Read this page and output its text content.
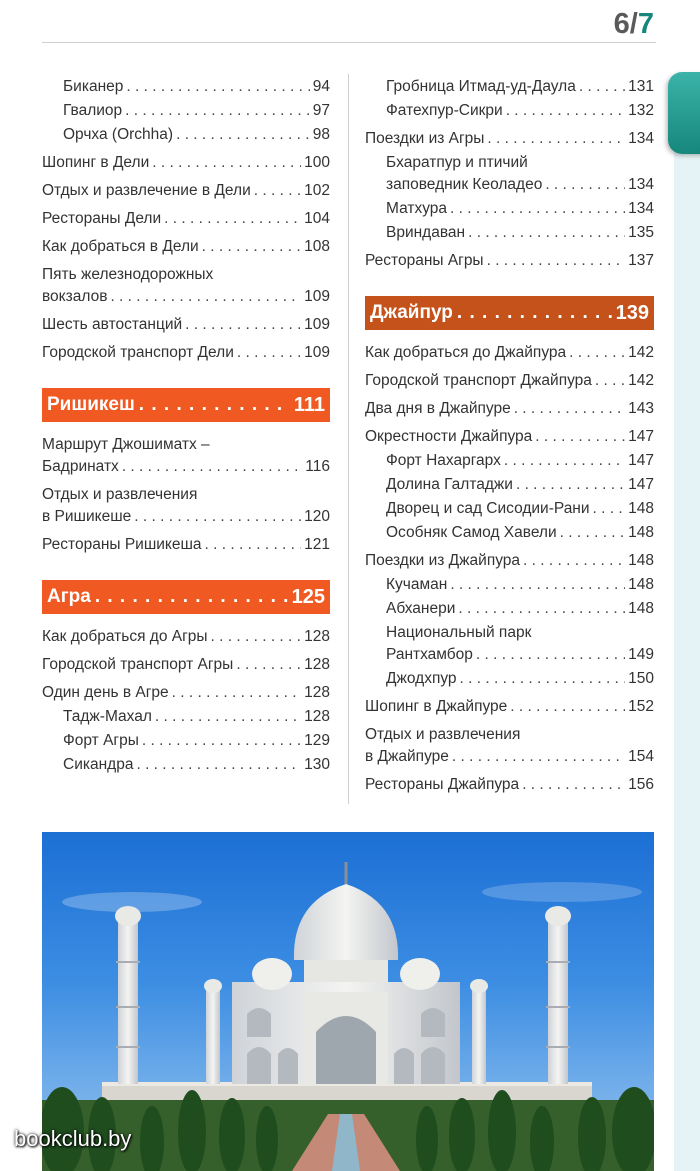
6/7
Биканер . . .	94
Гвалиор . . .	97
Орчха (Orchha) . . .	98
Шопинг в Дели . . .	100
Отдых и развлечение в Дели . . .	102
Рестораны Дели . . .	104
Как добраться в Дели . . .	108
Пять железнодорожных
вокзалов . . .	109
Шесть автостанций . . .	109
Городской транспорт Дели . . .	109
Ришикеш . . .	111
Маршрут Джошиматх –
Бадринатх . . .	116
Отдых и развлечения
в Ришикеше . . .	120
Рестораны Ришикеша . . .	121
Агра . . .	125
Как добраться до Агры . . .	128
Городской транспорт Агры . . .	128
Один день в Агре . . .	128
Тадж-Махал . . .	128
Форт Агры . . .	129
Сикандра . . .	130
Гробница Итмад-уд-Даула . . .	131
Фатехпур-Сикри . . .	132
Поездки из Агры . . .	134
Бхаратпур и птичий
заповедник Кеоладео . . .	134
Матхура . . .	134
Вриндаван . . .	135
Рестораны Агры . . .	137
Джайпур . . .	139
Как добраться до Джайпура . . .	142
Городской транспорт Джайпура . . . 142
Два дня в Джайпуре . . .	143
Окрестности Джайпура . . .	147
Форт Нахаргарх . . .	147
Долина Галтаджи . . .	147
Дворец и сад Сисодии-Рани . . . 148
Особняк Самод Хавели . . .	148
Поездки из Джайпура . . .	148
Кучаман . . .	148
Абханери . . .	148
Национальный парк
Рантхамбор . . .	149
Джодхпур . . .	150
Шопинг в Джайпуре . . .	152
Отдых и развлечения
в Джайпуре . . .	154
Рестораны Джайпура . . .	156
bookclub.by
